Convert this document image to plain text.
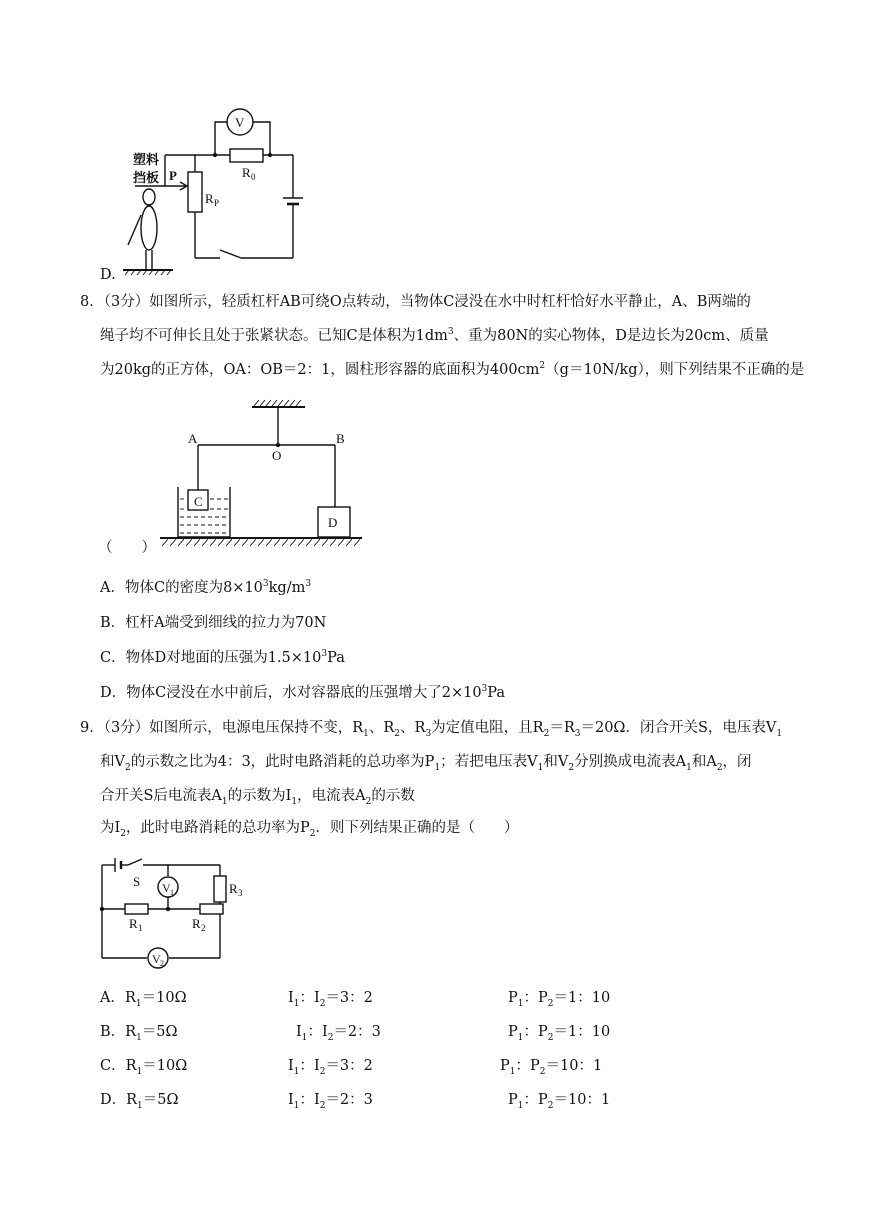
V
R 0
R P
P
塑料
挡板
D.
8．（3分）如图所示，轻质杠杆AB可绕O点转动，当物体C浸没在水中时杠杆恰好水平静止，A、B两端的
绳子均不可伸长且处于张紧状态。已知C是体积为$1dm^3$、重为80N的实心物体，D是边长为20cm、质量
为20kg的正方体，OA：OB＝2：1，圆柱形容器的底面积为$400cm^2(g=10N/kg)$，则下列结果不正确的是
A
O
B
C
D
（　　）
A．物体C的密度为$8\times 10^3kg/m^3$
B．杠杆A端受到细线的拉力为70N
C．物体D对地面的压强为$1.5\times 10^3Pa$
D．物体C浸没在水中前后，水对容器底的压强增大了$2\times 10^3Pa$
9．（3分）如图所示，电源电压保持不变，$R_1$、$R_2$、$R_3$为定值电阻，且$R_2=R_3=20\Omega$．闭合开关S，电压表$V_1$
和$V_2$的示数之比为4：3，此时电路消耗的总功率为$P_1$；若把电压表$V_1$和$V_2$分别换成电流表$A_1$和$A_2$，闭
合开关S后电流表$A_1$的示数为$I_1$，电流表$A_2$的示数
为$I_2$，此时电路消耗的总功率为$P_2$．则下列结果正确的是（　　）
S V 1
V 2
R 1	R 2
R 3
A．$R_1=10\Omega$	$I_1$：$I_2=3$：2	$P_1$：$P_2=1$：10
B．$R_1=5\Omega$	$I_1$：$I_2=2$：3	$P_1$：$P_2=1$：10
C．$R_1=10\Omega$	$I_1$：$I_2=3$：2	$P_1$：$P_2=10$：1
D．$R_1=5\Omega$	$I_1$：$I_2=2$：3	$P_1$：$P_2=10$：1
